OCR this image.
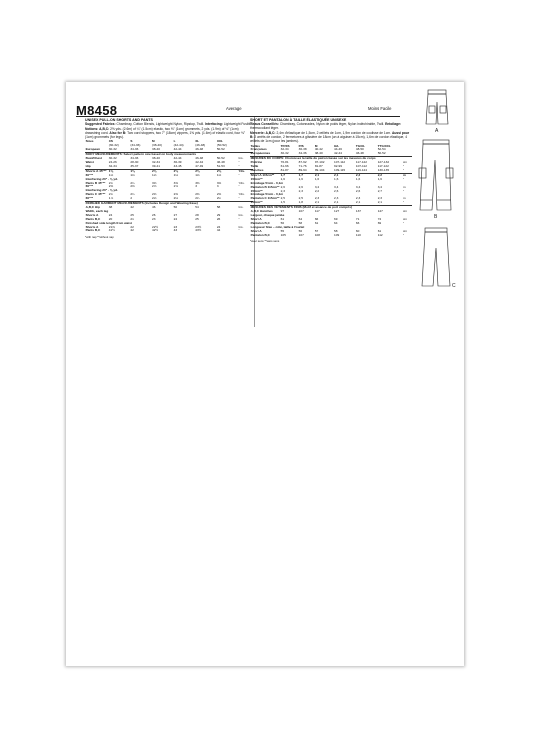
M8458	Average	Moins Facile
UNISEX PULL-ON SHORTS AND PANTS
Suggested Fabrics: Chambray, Cotton Blends, Lightweight Nylon, Ripstop, Twill. Interfacing: Lightweight Fusible.
Notions: A,B,C: 2⅝ yds. (2.6m) of ¼" (1.5cm) elastic, two ⅜" (1cm) grommets, 2 yds. (1.9m) of ⅛" (1cm) drawstring cord. Also for B: Two cord stoppers, two 7" (18cm) zippers, 1⅝ yds. (1.6m) of elastic cord, four ⅜" (1cm) grommets (for legs).
Sizes	XS	S	M	L	XL	XXL	
	(30-32)	(34-36)	(38-40)	(42-44)	(46-48)	(50-52)	
European	30-32	34-36	38-40	42-44	46-48	50-52	
BODY MEASUREMENTS: Select pattern size based on body measurements							
Bust/Chest	30-32	34-36	38-40	42-44	46-48	50-52	Ins.
Waist	24-26	28-30	32-34	36-39	42-44	46-48	"
Hip	32-34	35-37	39-41	43-45	47-49	51-53	"
Shorts A 45"**	1⅜	1⅜	2⅛	2⅛	2⅜	2⅜	Yds.
60"**	1⅛	1⅛	1⅛	1⅛	1⅛	1⅛	"
Interfacing 20" - ⅛ yd.							
Pants B 45"**	2¾	2¾	3⅜	3⅜	3⅜	3⅜	Yds.
60"**	2⅜	2⅜	2⅝	2⅝	3	3	"
Interfacing 20" - ⅛ yd.							
Pants C 45"**	2¾	2¾	2⅜	2⅜	2⅜	2⅜	Yds.
60"**	1⅞	2	2⅛	2⅛	2¼	2¼	"
FINISHED GARMENT MEASUREMENTS (Includes Design and Wearing Ease)							
A,B,C Hip	38	42	46	50	54	58	Ins.
Width, each leg							
Shorts A	24	25	26	27	28	29	Ins.
Pants B,C	20	21	23	24	25	26	"
Finished side length from waist							
Shorts A	21⅜	22	22½	23	23½	24	Ins.
Pants B,C	41½	42	42½	43	43½	44	"
*with nap **without nap
SHORT ET PANTALON À TAILLE ÉLASTIQUÉE UNISEXE
Tissus Conseillés: Chambray, Cotonnades, Nylon de poids léger, Nylon indéchirable, Twill. Entoilage: thermocollant léger.
Mercerie: A,B,C: 2,4m d'élastique de 1,5cm, 2 œillets de 1cm, 1,9m cordon de coulisse de 1cm. Aussi pour B: 2 arrêts de cordon, 2 fermetures à glissière de 18cm (un à aiguiser à 15cm), 1,6m de cordon élastique, 4 œillets de 1cm (pour les jambes).
Tailles	TP/XS	P/S	M	G/L	TG/XL	TTG/XXL	
Françaises	32-34	36-38	40-42	44-46	48-50	52-54	
Européennes	30-32	34-36	38-40	42-44	46-48	50-52	
MESURES DU CORPS: Choisissez la taille du patron basée sur les mesures du corps							
Poitrine	76-81	87-92	97-102	107-112	117-122	127-132	cm
Taille	61-66	71-76	81-87	92-99	107-112	117-122	"
Hanches	81-87	89-94	99-104	109-115	119-124	130-135	"
Short A 115cm**	1,7	1,7	2,1	2,1	2,2	2,2	m
150cm**	1,6	1,6	1,6	1,6	1,6	1,6	"
Entoilage 51cm - 0,1m							
Pantalon B 115cm**	2,6	2,6	3,4	3,4	3,4	3,4	m
150cm**	2,3	2,3	2,2	2,6	2,6	2,7	"
Entoilage 51cm - 0,1m							
Pantalon C 115cm**	2,5	2,5	2,3	2,3	2,3	2,3	m
150cm**	1,5	1,8	2,1	2,1	2,1	2,1	"
MESURES DES VÊTEMENTS FINIS (Motif et aisance de port compris)							
A,B,C Hanches	97	107	117	127	137	147	cm
Largeur, chaque jambe							
Short A	61	64	66	69	71	74	cm
Pantalon B,C	56	58	61	64	66	69	"
Longueur finie – côté, taille à l'ourlet							
Short A	55	56	57	58	60	61	cm
Pantalon B,C	105	107	108	109	110	112	"
*avec sens **sans sens
A
B
C
